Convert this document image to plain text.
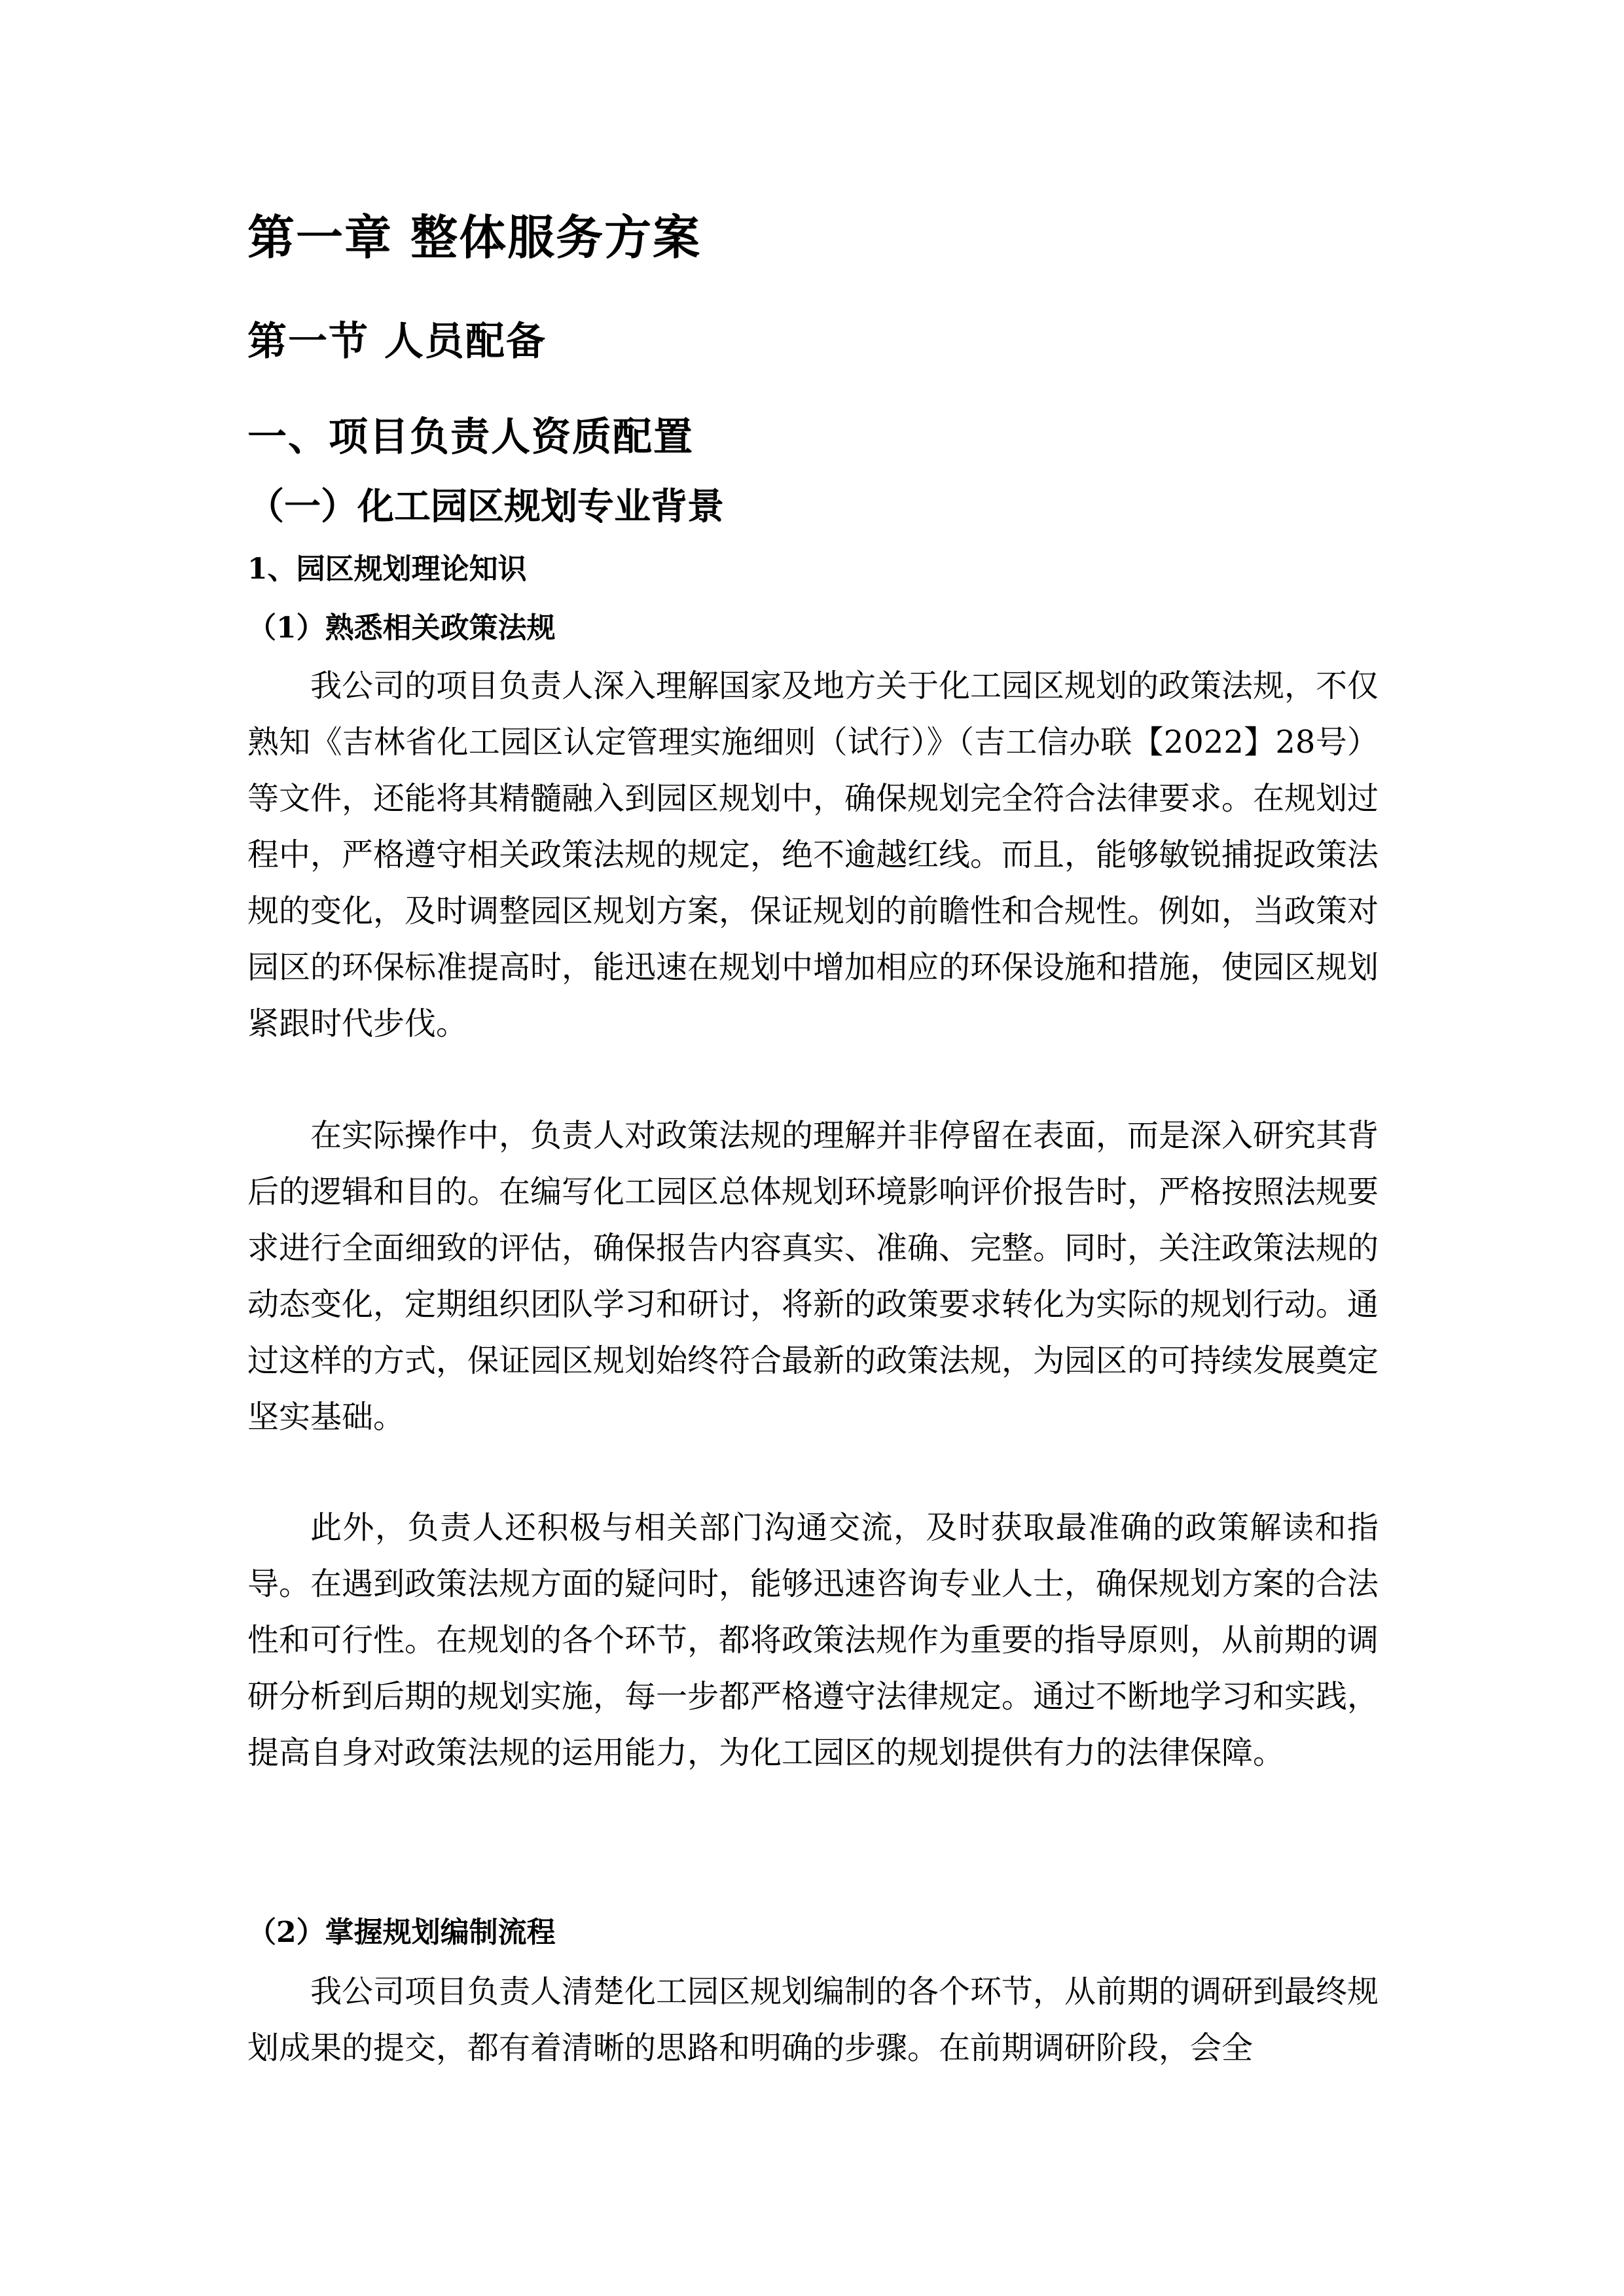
第一章 整体服务方案
第一节 人员配备
一、项目负责人资质配置
（一）化工园区规划专业背景
1、园区规划理论知识
（1）熟悉相关政策法规

我公司的项目负责人深入理解国家及地方关于化工园区规划的政策法规，不仅熟知《吉林省化工园区认定管理实施细则（试行）》（吉工信办联【2022】28号）等文件，还能将其精髓融入到园区规划中，确保规划完全符合法律要求。在规划过程中，严格遵守相关政策法规的规定，绝不逾越红线。而且，能够敏锐捕捉政策法规的变化，及时调整园区规划方案，保证规划的前瞻性和合规性。例如，当政策对园区的环保标准提高时，能迅速在规划中增加相应的环保设施和措施，使园区规划紧跟时代步伐。

在实际操作中，负责人对政策法规的理解并非停留在表面，而是深入研究其背后的逻辑和目的。在编写化工园区总体规划环境影响评价报告时，严格按照法规要求进行全面细致的评估，确保报告内容真实、准确、完整。同时，关注政策法规的动态变化，定期组织团队学习和研讨，将新的政策要求转化为实际的规划行动。通过这样的方式，保证园区规划始终符合最新的政策法规，为园区的可持续发展奠定坚实基础。

此外，负责人还积极与相关部门沟通交流，及时获取最准确的政策解读和指导。在遇到政策法规方面的疑问时，能够迅速咨询专业人士，确保规划方案的合法性和可行性。在规划的各个环节，都将政策法规作为重要的指导原则，从前期的调研分析到后期的规划实施，每一步都严格遵守法律规定。通过不断地学习和实践，提高自身对政策法规的运用能力，为化工园区的规划提供有力的法律保障。

（2）掌握规划编制流程

我公司项目负责人清楚化工园区规划编制的各个环节，从前期的调研到最终规划成果的提交，都有着清晰的思路和明确的步骤。在前期调研阶段，会全
